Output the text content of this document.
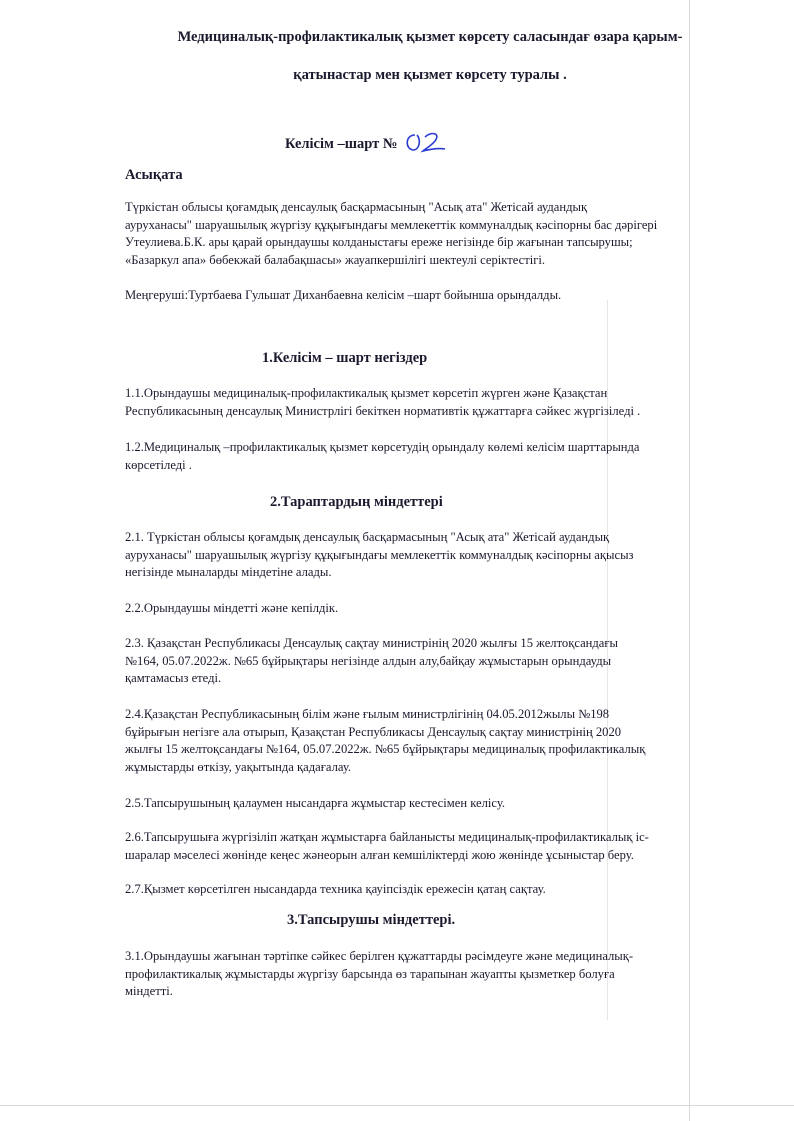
Медициналық-профилактикалық қызмет көрсету саласындағ өзара қарым-
қатынастар мен қызмет көрсету туралы .
Келісім –шарт №
Асықата
Түркістан облысы қоғамдық денсаулық басқармасының "Асық ата" Жетісай аудандық
ауруханасы" шаруашылық жүргізу құқығындағы мемлекеттік коммуналдық кәсіпорны бас дәрігері
Утеулиева.Б.К. ары қарай орындаушы колданыстағы ереже негізінде бір жағынан тапсырушы;
«Базаркул апа» бөбекжай балабақшасы» жауапкершілігі шектеулі серіктестігі.
Меңгеруші:Туртбаева Гульшат Диханбаевна келісім –шарт бойынша орындалды.
1.Келісім – шарт негіздер
1.1.Орындаушы медициналық-профилактикалық қызмет көрсетіп жүрген және Қазақстан
Республикасының денсаулық Министрлігі бекіткен нормативтік құжаттарға сәйкес жүргізіледі .
1.2.Медициналық –профилактикалық қызмет көрсетудің орындалу көлемі келісім шарттарында
көрсетіледі .
2.Тараптардың міндеттері
2.1. Түркістан облысы қоғамдық денсаулық басқармасының "Асық ата" Жетісай аудандық
ауруханасы" шаруашылық жүргізу құқығындағы мемлекеттік коммуналдық кәсіпорны ақысыз
негізінде мыналарды міндетіне алады.
2.2.Орындаушы міндетті және кепілдік.
2.3. Қазақстан Республикасы Денсаулық сақтау министрінің 2020 жылғы 15 желтоқсандағы
№164, 05.07.2022ж. №65 бұйрықтары негізінде алдын алу,байқау жұмыстарын орындауды
қамтамасыз етеді.
2.4.Қазақстан Республикасының білім және ғылым министрлігінің 04.05.2012жылы №198
бұйрығын негізге ала отырып, Қазақстан Республикасы Денсаулық сақтау министрінің 2020
жылғы 15 желтоқсандағы №164, 05.07.2022ж. №65 бұйрықтары медициналық профилактикалық
жұмыстарды өткізу, уақытында қадағалау.
2.5.Тапсырушының қалаумен нысандарға жұмыстар кестесімен келісу.
2.6.Тапсырушыға жүргізіліп жатқан жұмыстарға байланысты медициналық-профилактикалық іс-
шаралар мәселесі жөнінде кеңес жәнеорын алған кемшіліктерді жою жөнінде ұсыныстар беру.
2.7.Қызмет көрсетілген нысандарда техника қауіпсіздік ережесін қатаң сақтау.
3.Тапсырушы міндеттері.
3.1.Орындаушы жағынан тәртіпке сәйкес берілген құжаттарды рәсімдеуге және медициналық-
профилактикалық жұмыстарды жүргізу барсында өз тарапынан жауапты қызметкер болуға
міндетті.
